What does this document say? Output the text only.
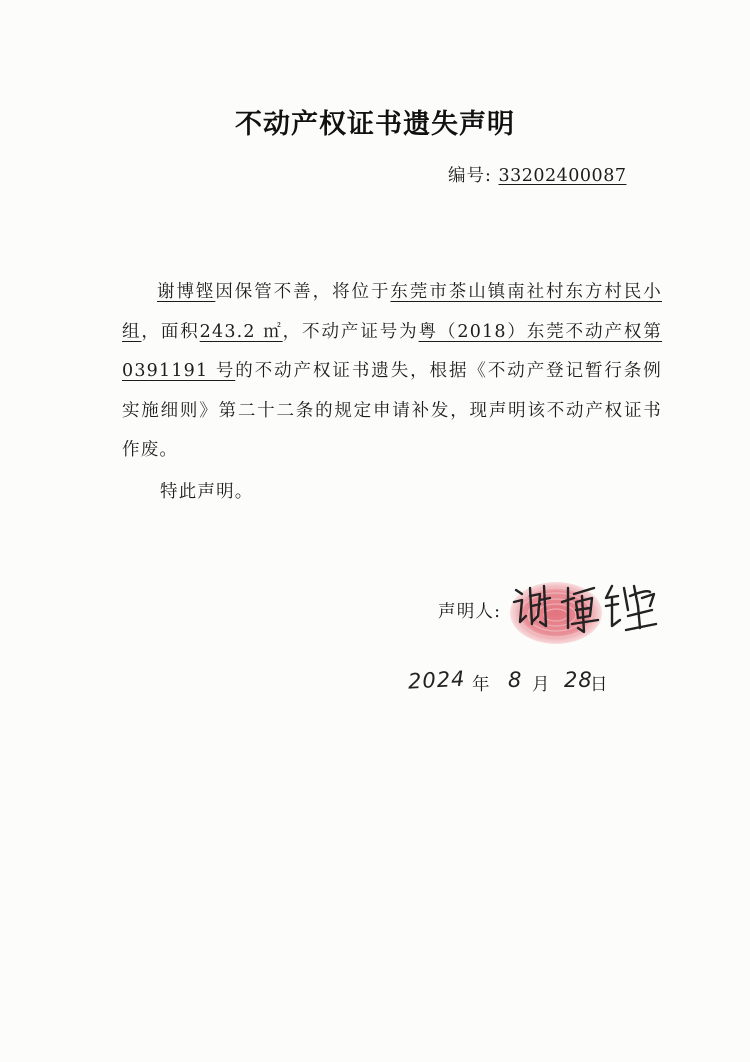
不动产权证书遗失声明
编号: 33202400087

谢博铿因保管不善，将位于东莞市茶山镇南社村东方村民小组，面积243.2 ㎡，不动产证号为粤（2018）东莞不动产权第 0391191 号的不动产权证书遗失，根据《不动产登记暂行条例实施细则》第二十二条的规定申请补发，现声明该不动产权证书作废。

特此声明。
声明人:
2024 年 8 月 28
日
